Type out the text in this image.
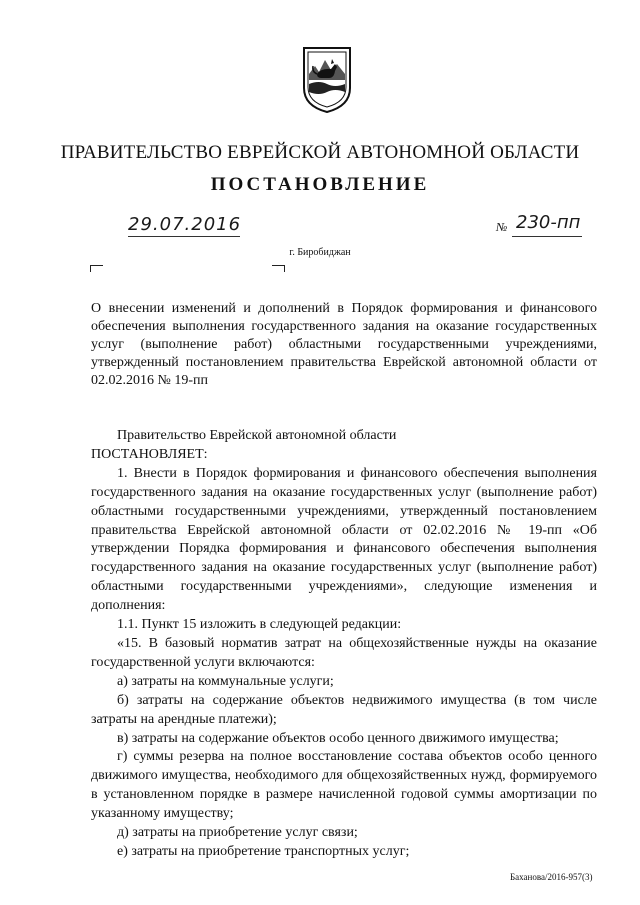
ПРАВИТЕЛЬСТВО ЕВРЕЙСКОЙ АВТОНОМНОЙ ОБЛАСТИ
ПОСТАНОВЛЕНИЕ
29.07.2016	№ 230-пп
г. Биробиджан
О внесении изменений и дополнений в Порядок формирования и финансового обеспечения выполнения государственного задания на оказание государственных услуг (выполнение работ) областными государственными учреждениями, утвержденный постановлением правительства Еврейской автономной области от 02.02.2016 № 19-пп

Правительство Еврейской автономной области

ПОСТАНОВЛЯЕТ:

1. Внести в Порядок формирования и финансового обеспечения выполнения государственного задания на оказание государственных услуг (выполнение работ) областными государственными учреждениями, утвержденный постановлением правительства Еврейской автономной области от 02.02.2016 № 19-пп «Об утверждении Порядка формирования и финансового обеспечения выполнения государственного задания на оказание государственных услуг (выполнение работ) областными государственными учреждениями», следующие изменения и дополнения:

1.1. Пункт 15 изложить в следующей редакции:

«15. В базовый норматив затрат на общехозяйственные нужды на оказание государственной услуги включаются:

а) затраты на коммунальные услуги;

б) затраты на содержание объектов недвижимого имущества (в том числе затраты на арендные платежи);

в) затраты на содержание объектов особо ценного движимого имущества;

г) суммы резерва на полное восстановление состава объектов особо ценного движимого имущества, необходимого для общехозяйственных нужд, формируемого в установленном порядке в размере начисленной годовой суммы амортизации по указанному имуществу;

д) затраты на приобретение услуг связи;

е) затраты на приобретение транспортных услуг;

Баханова/2016-957(3)
